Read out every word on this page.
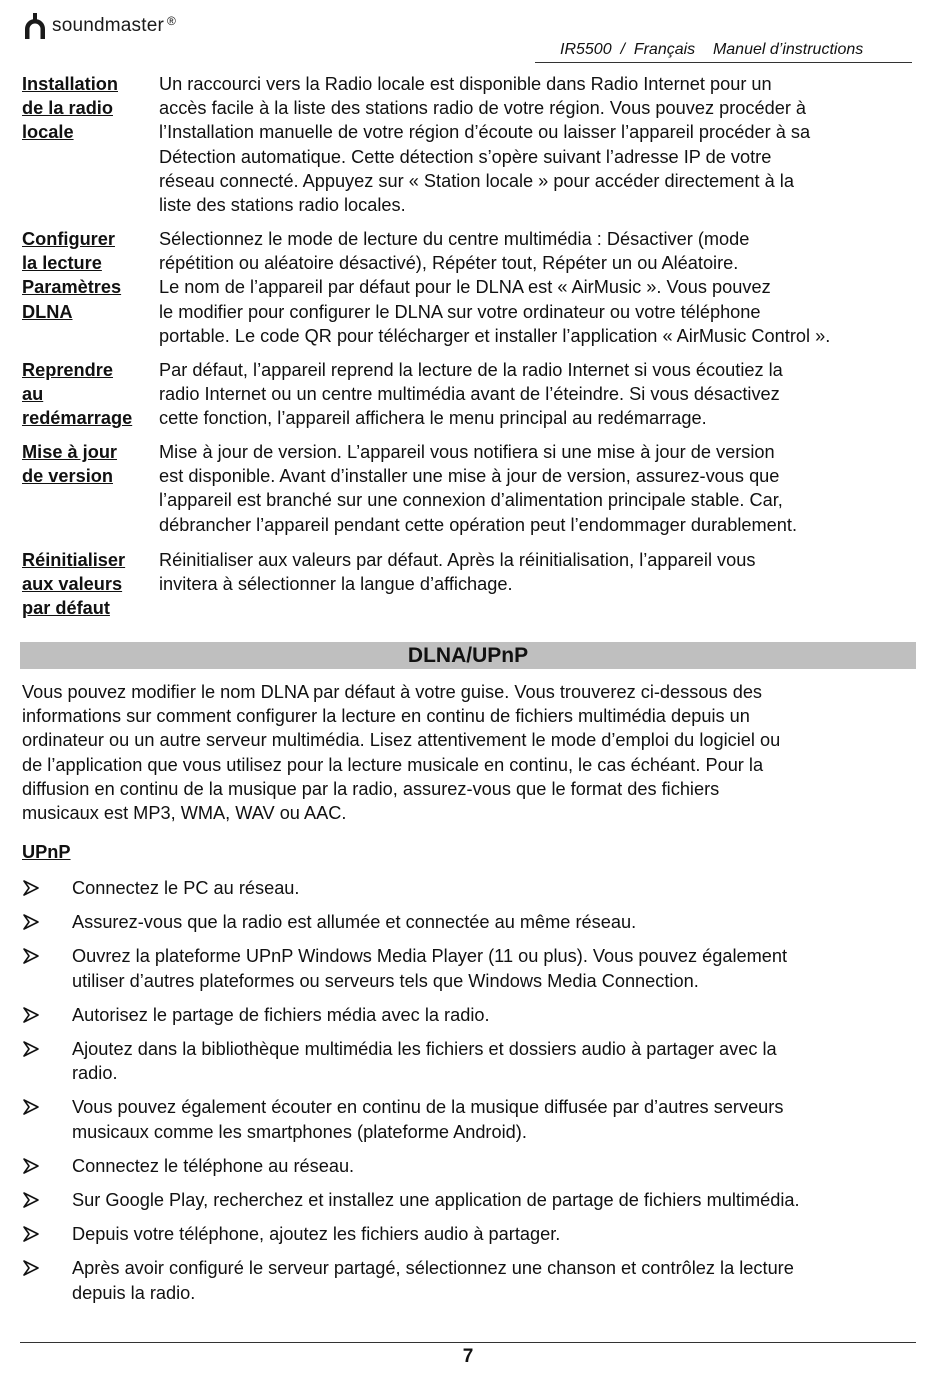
soundmaster ®
IR5500  /  Français    Manuel d’instructions
Installation
de la radio
locale
Un raccourci vers la Radio locale est disponible dans Radio Internet pour un
accès facile à la liste des stations radio de votre région. Vous pouvez procéder à
l’Installation manuelle de votre région d’écoute ou laisser l’appareil procéder à sa
Détection automatique. Cette détection s’opère suivant l’adresse IP de votre
réseau connecté. Appuyez sur « Station locale » pour accéder directement à la
liste des stations radio locales.
Configurer
la lecture
Paramètres
DLNA
Sélectionnez le mode de lecture du centre multimédia : Désactiver (mode
répétition ou aléatoire désactivé), Répéter tout, Répéter un ou Aléatoire.
Le nom de l’appareil par défaut pour le DLNA est « AirMusic ». Vous pouvez
le modifier pour configurer le DLNA sur votre ordinateur ou votre téléphone
portable. Le code QR pour télécharger et installer l’application « AirMusic Control ».
Reprendre
au
redémarrage
Par défaut, l’appareil reprend la lecture de la radio Internet si vous écoutiez la
radio Internet ou un centre multimédia avant de l’éteindre. Si vous désactivez
cette fonction, l’appareil affichera le menu principal au redémarrage.
Mise à jour
de version
Mise à jour de version. L’appareil vous notifiera si une mise à jour de version
est disponible. Avant d’installer une mise à jour de version, assurez-vous que
l’appareil est branché sur une connexion d’alimentation principale stable. Car,
débrancher l’appareil pendant cette opération peut l’endommager durablement.
Réinitialiser
aux valeurs
par défaut
Réinitialiser aux valeurs par défaut. Après la réinitialisation, l’appareil vous
invitera à sélectionner la langue d’affichage.
DLNA/UPnP
Vous pouvez modifier le nom DLNA par défaut à votre guise. Vous trouverez ci-dessous des
informations sur comment configurer la lecture en continu de fichiers multimédia depuis un
ordinateur ou un autre serveur multimédia. Lisez attentivement le mode d’emploi du logiciel ou
de l’application que vous utilisez pour la lecture musicale en continu, le cas échéant. Pour la
diffusion en continu de la musique par la radio, assurez-vous que le format des fichiers
musicaux est MP3, WMA, WAV ou AAC.
UPnP
Connectez le PC au réseau.
Assurez-vous que la radio est allumée et connectée au même réseau.
Ouvrez la plateforme UPnP Windows Media Player (11 ou plus). Vous pouvez également
utiliser d’autres plateformes ou serveurs tels que Windows Media Connection.
Autorisez le partage de fichiers média avec la radio.
Ajoutez dans la bibliothèque multimédia les fichiers et dossiers audio à partager avec la
radio.
Vous pouvez également écouter en continu de la musique diffusée par d’autres serveurs
musicaux comme les smartphones (plateforme Android).
Connectez le téléphone au réseau.
Sur Google Play, recherchez et installez une application de partage de fichiers multimédia.
Depuis votre téléphone, ajoutez les fichiers audio à partager.
Après avoir configuré le serveur partagé, sélectionnez une chanson et contrôlez la lecture
depuis la radio.
7
